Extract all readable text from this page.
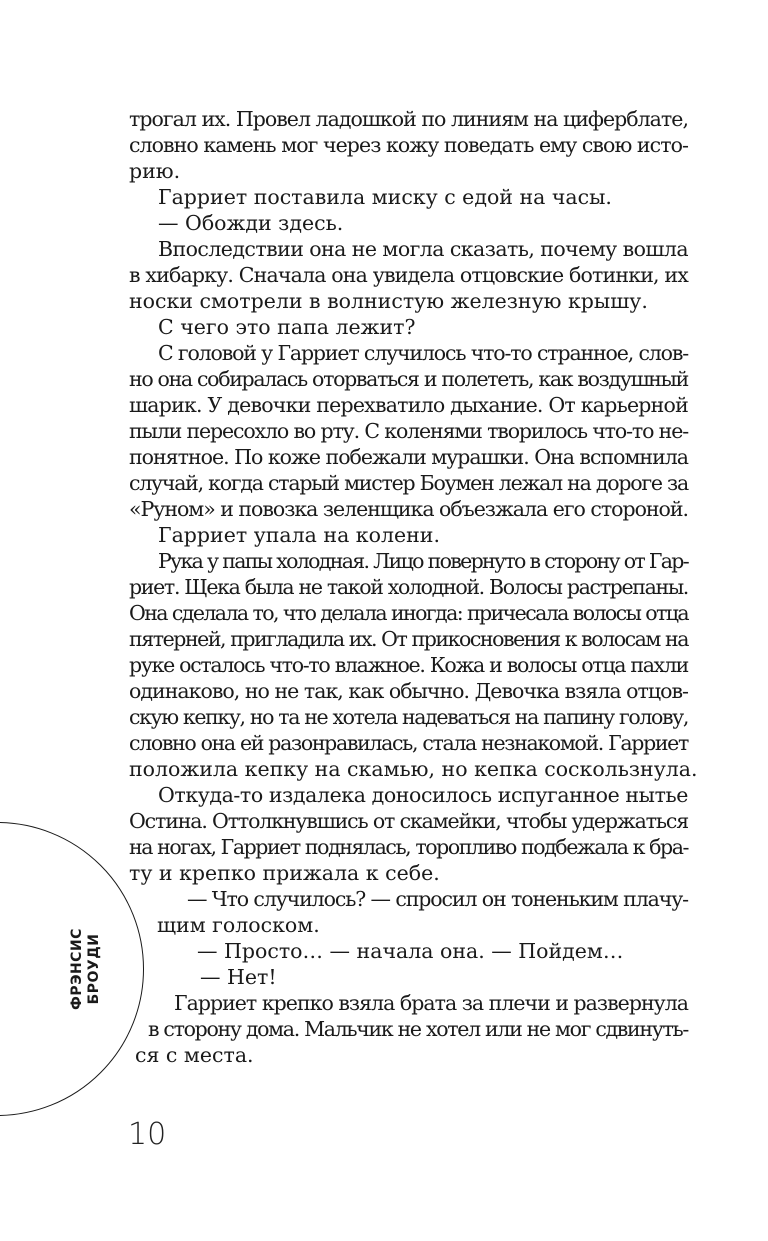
трогал их. Провел ладошкой по линиям на циферблате,
словно камень мог через кожу поведать ему свою исто-
рию.
Гарриет поставила миску с едой на часы.
— Обожди здесь.
Впоследствии она не могла сказать, почему вошла
в хибарку. Сначала она увидела отцовские ботинки, их
носки смотрели в волнистую железную крышу.
С чего это папа лежит?
С головой у Гарриет случилось что-то странное, слов-
но она собиралась оторваться и полететь, как воздушный
шарик. У девочки перехватило дыхание. От карьерной
пыли пересохло во рту. С коленями творилось что-то не-
понятное. По коже побежали мурашки. Она вспомнила
случай, когда старый мистер Боумен лежал на дороге за
«Руном» и повозка зеленщика объезжала его стороной.
Гарриет упала на колени.
Рука у папы холодная. Лицо повернуто в сторону от Гар-
риет. Щека была не такой холодной. Волосы растрепаны.
Она сделала то, что делала иногда: причесала волосы отца
пятерней, пригладила их. От прикосновения к волосам на
руке осталось что-то влажное. Кожа и волосы отца пахли
одинаково, но не так, как обычно. Девочка взяла отцов-
скую кепку, но та не хотела надеваться на папину голову,
словно она ей разонравилась, стала незнакомой. Гарриет
положила кепку на скамью, но кепка соскользнула.
Откуда-то издалека доносилось испуганное нытье
Остина. Оттолкнувшись от скамейки, чтобы удержаться
на ногах, Гарриет поднялась, торопливо подбежала к бра-
ту и крепко прижала к себе.
— Что случилось? — спросил он тоненьким плачу-
щим голоском.
— Просто… — начала она. — Пойдем…
— Нет!
Гарриет крепко взяла брата за плечи и развернула
в сторону дома. Мальчик не хотел или не мог сдвинуть-
ся с места.
ФРЭНСИС БРОУДИ
10
